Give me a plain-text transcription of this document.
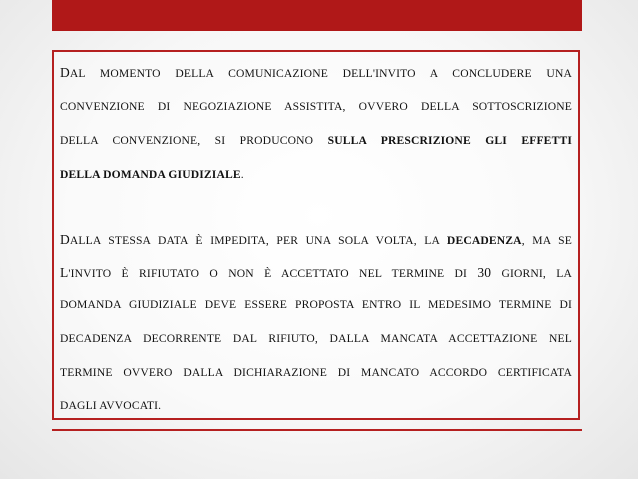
DAL MOMENTO DELLA COMUNICAZIONE DELL'INVITO A CONCLUDERE UNA
CONVENZIONE DI NEGOZIAZIONE ASSISTITA, OVVERO DELLA SOTTOSCRIZIONE
DELLA CONVENZIONE, SI PRODUCONO SULLA PRESCRIZIONE GLI EFFETTI
DELLA DOMANDA GIUDIZIALE.
DALLA STESSA DATA È IMPEDITA, PER UNA SOLA VOLTA, LA DECADENZA, MA SE
L'INVITO È RIFIUTATO O NON È ACCETTATO NEL TERMINE DI 30 GIORNI, LA
DOMANDA GIUDIZIALE DEVE ESSERE PROPOSTA ENTRO IL MEDESIMO TERMINE DI
DECADENZA DECORRENTE DAL RIFIUTO, DALLA MANCATA ACCETTAZIONE NEL
TERMINE OVVERO DALLA DICHIARAZIONE DI MANCATO ACCORDO CERTIFICATA
DAGLI AVVOCATI.
